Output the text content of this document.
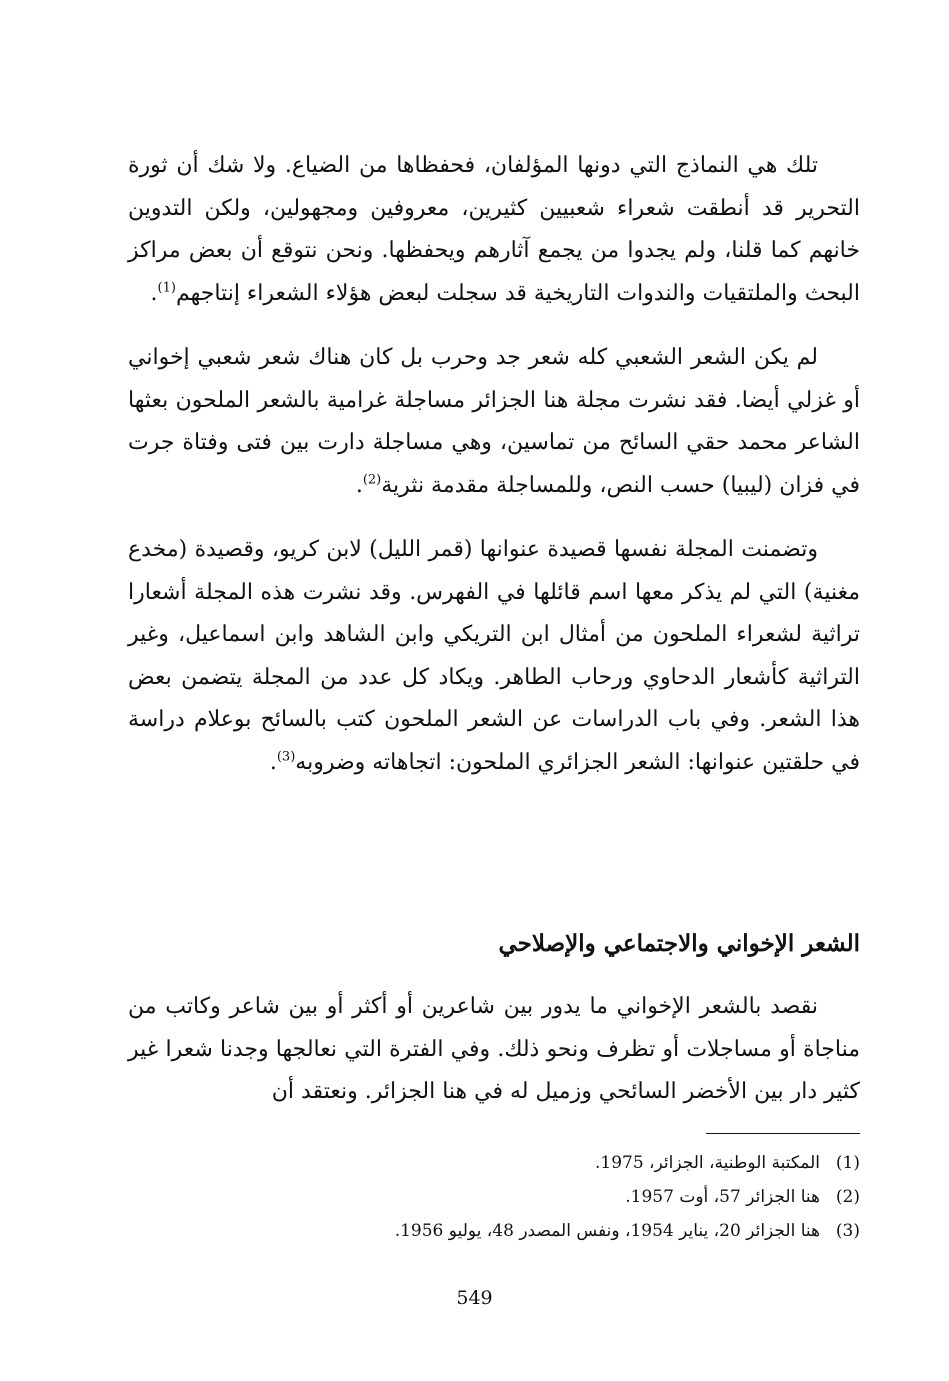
تلك هي النماذج التي دونها المؤلفان، فحفظاها من الضياع. ولا شك أن ثورة التحرير قد أنطقت شعراء شعبيين كثيرين، معروفين ومجهولين، ولكن التدوين خانهم كما قلنا، ولم يجدوا من يجمع آثارهم ويحفظها. ونحن نتوقع أن بعض مراكز البحث والملتقيات والندوات التاريخية قد سجلت لبعض هؤلاء الشعراء إنتاجهم$^{(1)}$.

لم يكن الشعر الشعبي كله شعر جد وحرب بل كان هناك شعر شعبي إخواني أو غزلي أيضا. فقد نشرت مجلة هنا الجزائر مساجلة غرامية بالشعر الملحون بعثها الشاعر محمد حقي السائح من تماسين، وهي مساجلة دارت بين فتى وفتاة جرت في فزان (ليبيا) حسب النص، وللمساجلة مقدمة نثرية$^{(2)}$.

وتضمنت المجلة نفسها قصيدة عنوانها (قمر الليل) لابن كريو، وقصيدة (مخدع مغنية) التي لم يذكر معها اسم قائلها في الفهرس. وقد نشرت هذه المجلة أشعارا تراثية لشعراء الملحون من أمثال ابن التريكي وابن الشاهد وابن اسماعيل، وغير التراثية كأشعار الدحاوي ورحاب الطاهر. ويكاد كل عدد من المجلة يتضمن بعض هذا الشعر. وفي باب الدراسات عن الشعر الملحون كتب بالسائح بوعلام دراسة في حلقتين عنوانها: الشعر الجزائري الملحون: اتجاهاته وضروبه$^{(3)}$.

الشعر الإخواني والاجتماعي والإصلاحي

نقصد بالشعر الإخواني ما يدور بين شاعرين أو أكثر أو بين شاعر وكاتب من مناجاة أو مساجلات أو تظرف ونحو ذلك. وفي الفترة التي نعالجها وجدنا شعرا غير كثير دار بين الأخضر السائحي وزميل له في هنا الجزائر. ونعتقد أن

(1)
المكتبة الوطنية، الجزائر، 1975.
(2)
هنا الجزائر 57، أوت 1957.
(3)
هنا الجزائر 20، يناير 1954، ونفس المصدر 48، يوليو 1956.
549
